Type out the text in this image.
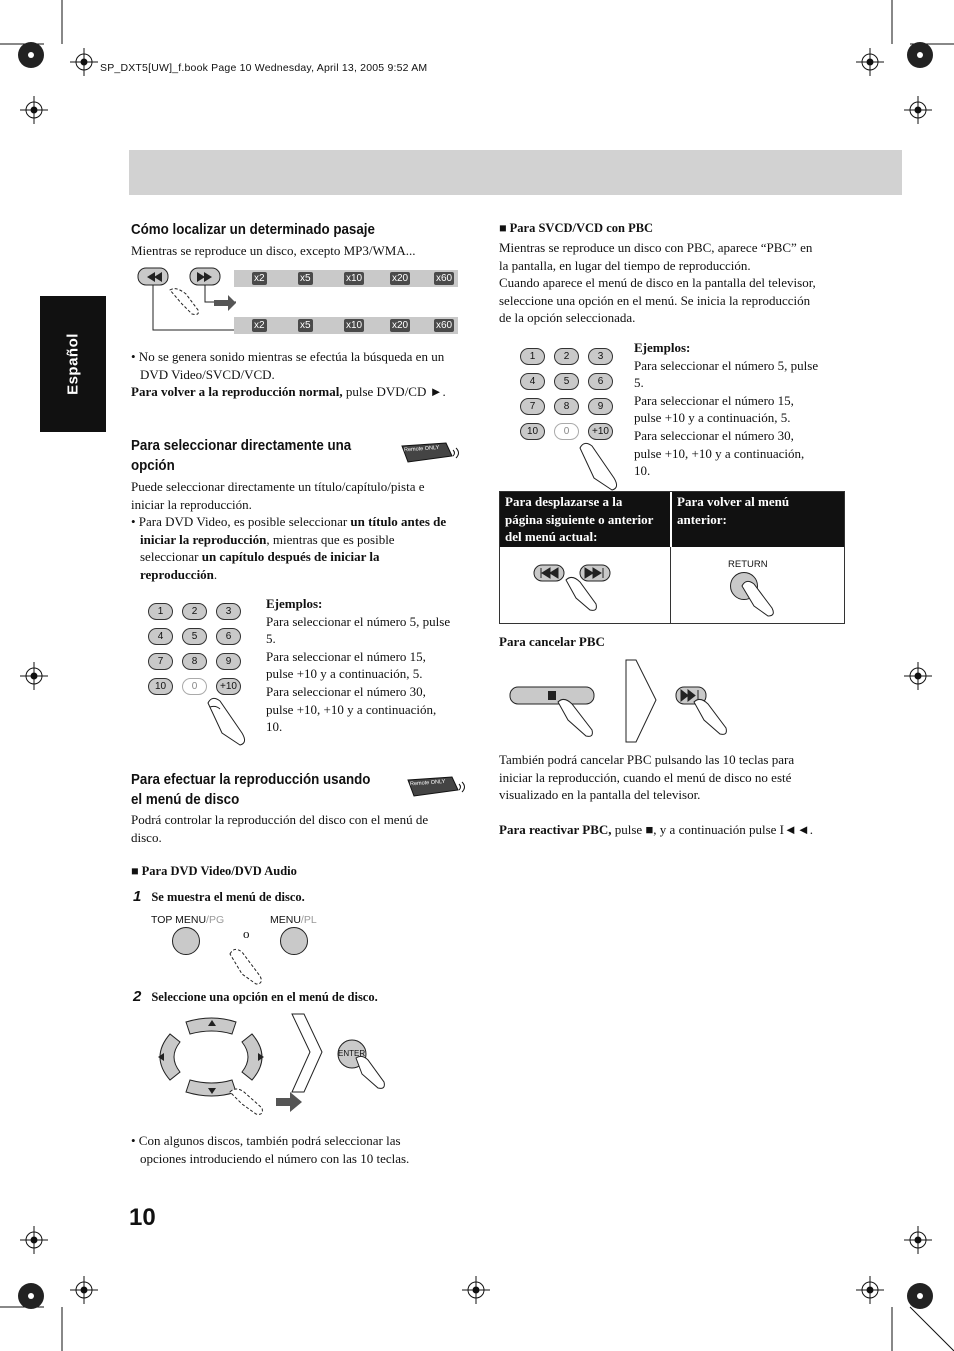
SP_DXT5[UW]_f.book Page 10 Wednesday, April 13, 2005 9:52 AM
Español
Cómo localizar un determinado pasaje
Mientras se reproduce un disco, excepto MP3/WMA...
x2	x5	x10	x20	x60
x2	x5	x10	x20	x60
• No se genera sonido mientras se efectúa la búsqueda en un
DVD Video/SVCD/VCD.
Para volver a la reproducción normal, pulse DVD/CD ►.
Para seleccionar directamente una
opción
Remote ONLY
Puede seleccionar directamente un título/capítulo/pista e
iniciar la reproducción.
• Para DVD Video, es posible seleccionar un título antes de
iniciar la reproducción, mientras que es posible
seleccionar un capítulo después de iniciar la
reproducción.
1	2	3
4	5	6
7	8	9
10	0	+10
Ejemplos:
Para seleccionar el número 5, pulse
5.
Para seleccionar el número 15,
pulse +10 y a continuación, 5.
Para seleccionar el número 30,
pulse +10, +10 y a continuación,
10.
Para efectuar la reproducción usando
el menú de disco
Remote ONLY
Podrá controlar la reproducción del disco con el menú de
disco.
■ Para DVD Video/DVD Audio
1 Se muestra el menú de disco.
TOP MENU/PG
o
MENU/PL
2 Seleccione una opción en el menú de disco.
ENTER
• Con algunos discos, también podrá seleccionar las
opciones introduciendo el número con las 10 teclas.
10
■ Para SVCD/VCD con PBC
Mientras se reproduce un disco con PBC, aparece “PBC” en
la pantalla, en lugar del tiempo de reproducción.
Cuando aparece el menú de disco en la pantalla del televisor,
seleccione una opción en el menú. Se inicia la reproducción
de la opción seleccionada.
1	2	3
4	5	6
7	8	9
10	0	+10
Ejemplos:
Para seleccionar el número 5, pulse
5.
Para seleccionar el número 15,
pulse +10 y a continuación, 5.
Para seleccionar el número 30,
pulse +10, +10 y a continuación,
10.
Para desplazarse a la
página siguiente o anterior
del menú actual:
Para volver al menú
anterior:
RETURN
Para cancelar PBC
También podrá cancelar PBC pulsando las 10 teclas para
iniciar la reproducción, cuando el menú de disco no esté
visualizado en la pantalla del televisor.
Para reactivar PBC, pulse ■, y a continuación pulse I◄◄.
